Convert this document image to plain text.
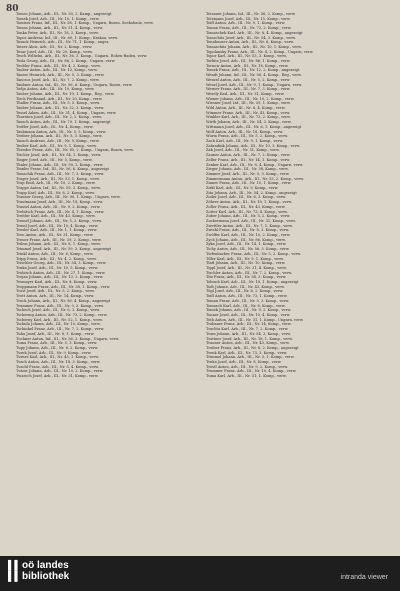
80
Tomec Johann, Arb., III., Nr. 50, 2. Kamp., angezeigt
Tomek Josef, Arb., III., Nr. 10, 1. Komp., verw.
Tomiser Franz, Inf., III., Nr. 56, 1. Komp., Ungarn, Bozen, Seekolonie, verw.
Tomsa Johann, Arb., III., Nr. 51, 4. Komp., verw.
Tonka Peter, Arb., III., Nr. 18, 2. Komp., verw.
Topor Andreas, Inf., III., Nr. 60, 1. Komp., Krakau, verw.
Tasuck Heinrich, Arb., III., Nr. 71, 1. Komp., angez.
Tatzer Alois, Arb., III., Nr. 2, Komp., verw.
Tesar Josef, Arb., III., Nr. 20, Komp., verw.
Tesch Wilhelm, Arb., III., Nr. 36, 3. Komp., Ungarn, Hohen-Baden, verw.
Tesla Georg, Arb., III., Nr. 86, 2. Komp., Ungarn, verw.
Teubler Franz, Arb., III., Nr. 4, 2. Komp., verw.
Tauber Anton, Arb., III., Nr. 10, Komp., verw.
Taurer Heinrich, Arb., III., Nr. 5, 3. Komp., verw.
Tanczos Josef, Arb., III., Nr. 7, 2. Komp., verw.
Taubner Anton, Inf., III., Nr. 56, 6. Komp., Ungarn, Bozen, verw.
Tedja Anton, Arb., III., Nr. 10, Komp., verw.
Tauber Johann, Arb., III., Nr. 19, 1. Komp., Reg., verw.
Tisch Ferdinand, Arb., III., Nr. 20, Komp., verw.
Thaller Franz, Arb., III., Nr. 5, 5. Komp., verw.
Tauber Johann, Arb., III., Nr. 32, 3. Komp., verw.
Tessel Adam, Arb., III., Nr. 31, 4. Komp., Ungarn, verw.
Thornton Josef, Arb., III., Nr. 2, 2. Komp., verw.
Tausch Anton, Arb., III., Nr. 70, 1. Komp., angezeigt
Treffer Josef, Arb., III., Nr. 4, Komp., verw.
Taubmann Anton, Arb., III., Nr. 5, 5. Komp., verw.
Treiber Johann, Arb., III., Nr. 5, 3. Komp., verw.
Tausch Andreas, Arb., III., Nr. 9, Komp., verw.
Teuber Karl, Arb., III., Nr. 9, 1. Komp., verw.
Theodor Franz, Arb., III., Nr. 85, 2. Komp., Ungarn, Bozen, verw.
Tischer Josef, Arb., III., Nr. 54, 1. Komp., verw.
Tinger Josef, Arb., III., Nr. 5, Komp., verw.
Thaler Johann, Arb., III., Nr. 50, 2. Komp., verw.
Tinnler Franz, Inf., III., Nr. 56, 6. Komp., angezeigt
Tomschik Franz, Arb., III., Nr. 7, 3. Komp., verw.
Trager Josef, Arb., III., Nr. 53, 1. Komp., verw.
Trap Emil, Arb., III., Nr. 10, 2. Komp., verw.
Trappe Anton, Inf., III., Nr. 59, 3. Komp., verw.
Trapp Karl, Arb., III., Nr. 8, 2. Komp., verw.
Trauner Georg, Arb., III., Nr. 90, 1. Komp., Ungarn, verw.
Trautmann Josef, Arb., III., Nr. 18, Komp., verw.
Trautzl Anton, Arb., III., Nr. 9, 2. Komp., verw.
Trebitsch Franz, Arb., III., Nr. 4, 1. Komp., verw.
Treitler Karl, Arb., III., Nr. 43, Komp., verw.
Tremel Johann, Arb., III., Nr. 5, 2. Komp., verw.
Treml Josef, Arb., III., Nr. 10, 4. Komp., verw.
Tresler Karl, Arb., III., Nr. 1, 1. Komp., verw.
Treu Anton, Arb., III., Nr. 31, Komp., verw.
Treuer Franz, Arb., III., Nr. 39, 2. Komp., verw.
Tribus Johann, Arb., III., Nr. 8, 1. Komp., verw.
Trimmel Josef, Arb., III., Nr. 59, 3. Komp., angezeigt
Trinkl Anton, Arb., III., Nr. 6, Komp., verw.
Tripp Franz, Arb., III., Nr. 4, 2. Komp., verw.
Trischler Georg, Arb., III., Nr. 54, 3. Komp., verw.
Trnka Josef, Arb., III., Nr. 10, 5. Komp., verw.
Trobisch Anton, Arb., III., Nr. 27, 1. Komp., verw.
Trojan Johann, Arb., III., Nr. 13, 2. Komp., verw.
Tromayer Karl, Arb., III., Nr. 8, Komp., verw.
Troppmann Franz, Arb., III., Nr. 38, 1. Komp., verw.
Trost Josef, Arb., III., Nr. 5, 2. Komp., verw.
Trott Anton, Arb., III., Nr. 14, Komp., verw.
Truck Johann, Arb., III., Nr. 56, 4. Komp., angezeigt
Trummer Franz, Arb., III., Nr. 9, 3. Komp., verw.
Tschech Josef, Arb., III., Nr. 6, 1. Komp., verw.
Tschernig Anton, Arb., III., Nr. 73, 2. Komp., verw.
Tscherny Karl, Arb., III., Nr. 52, 1. Komp., verw.
Tschida Johann, Arb., III., Nr. 10, Komp., verw.
Tschinkel Franz, Arb., III., Nr. 7, 2. Komp., verw.
Tuba Josef, Arb., III., Nr. 8, 1. Komp., verw.
Tuchner Anton, Inf., III., Nr. 56, 3. Komp., Ungarn, verw.
Tuma Franz, Arb., III., Nr. 5, 3. Komp., verw.
Tupy Johann, Arb., III., Nr. 8, 2. Komp., verw.
Turek Josef, Arb., III., Nr. 9, Komp., verw.
Turner Karl, Arb., III., Nr. 43, 1. Komp., verw.
Tusch Anton, Arb., III., Nr. 18, 3. Komp., verw.
Tuschl Franz, Arb., III., Nr. 5, 4. Komp., verw.
Tutzer Johann, Arb., III., Nr. 10, 2. Komp., verw.
Twaroch Josef, Arb., III., Nr. 31, Komp., verw.
Totzauer Johann, Inf., III., Nr. 56, 2. Komp., verw.
Totzmann Josef, Arb., III., Nr. 15, Komp., verw.
Toifl Anton, Arb., III., Nr. 9, 1. Komp., verw.
Toman Franz, Arb., III., Nr. 73, 2. Komp., verw.
Tomaschek Karl, Arb., III., Nr. 8, 4. Komp., angezeigt
Tomschitz Josef, Arb., III., Nr. 54, 3. Komp., verw.
Tonnhauser Anton, Arb., III., Nr. 6, Komp., verw.
Tomaschitz Johann, Arb., III., Nr. 10, 1. Komp., verw.
Topolansky Franz, Arb., III., Nr. 4, 2. Komp., Ungarn, verw.
Topor Karl, Arb., III., Nr. 53, 3. Komp., verw.
Torbitz Josef, Arb., III., Nr. 86, 1. Komp., verw.
Tornow Anton, Arb., III., Nr. 18, Komp., verw.
Tomek Franz, Arb., III., Nr. 12, 2. Komp., angezeigt
Wendt Johann, Inf., III., Nr. 56, 4. Komp., Reg., verw.
Wenzel Anton, Arb., III., Nr. 5, 2. Komp., verw.
Wenzl Josef, Arb., III., Nr. 9, 1. Komp., Ungarn, verw.
Werner Franz, Arb., III., Nr. 7, 3. Komp., verw.
Wesely Karl, Arb., III., Nr. 31, Komp., verw.
Wiener Johann, Arb., III., Nr. 10, 2. Komp., verw.
Wiesner Josef, Inf., III., Nr. 59, 1. Komp., verw.
Wild Anton, Arb., III., Nr. 8, 4. Komp., verw.
Wimmer Franz, Arb., III., Nr. 43, Komp., verw.
Winkler Karl, Arb., III., Nr. 73, 2. Komp., verw.
Wirth Johann, Arb., III., Nr. 54, 3. Komp., verw.
Wittmann Josef, Arb., III., Nr. 6, 1. Komp., angezeigt
Wolf Anton, Arb., III., Nr. 18, Komp., verw.
Wurm Franz, Arb., III., Nr. 5, 2. Komp., verw.
Zach Karl, Arb., III., Nr. 9, 1. Komp., verw.
Zahradnik Johann, Arb., III., Nr. 10, 3. Komp., verw.
Zak Josef, Arb., III., Nr. 31, Komp., verw.
Zauner Anton, Arb., III., Nr. 7, 2. Komp., verw.
Zeller Franz, Arb., III., Nr. 14, 1. Komp., verw.
Zenker Karl, Arb., III., Nr. 8, 4. Komp., Ungarn, verw.
Zieger Johann, Arb., III., Nr. 38, Komp., verw.
Zimmer Josef, Arb., III., Nr. 5, 3. Komp., verw.
Zimmermann Anton, Arb., III., Nr. 53, 2. Komp., verw.
Zinner Franz, Arb., III., Nr. 10, 1. Komp., verw.
Zirkl Karl, Arb., III., Nr. 9, Komp., verw.
Zita Johann, Arb., III., Nr. 54, 2. Komp., angezeigt
Zoder Josef, Arb., III., Nr. 6, 3. Komp., verw.
Zöhrer Anton, Arb., III., Nr. 18, 1. Komp., verw.
Zoller Franz, Arb., III., Nr. 43, Komp., verw.
Zotter Karl, Arb., III., Nr. 73, 4. Komp., verw.
Zuber Johann, Arb., III., Nr. 5, 2. Komp., verw.
Zuckermann Josef, Arb., III., Nr. 31, Komp., verw.
Zwettler Anton, Arb., III., Nr. 7, 1. Komp., verw.
Zwickl Franz, Arb., III., Nr. 8, 3. Komp., verw.
Zwölfer Karl, Arb., III., Nr. 10, 2. Komp., verw.
Zych Johann, Arb., III., Nr. 86, Komp., verw.
Zyka Josef, Arb., III., Nr. 14, 1. Komp., verw.
Tichy Anton, Arb., III., Nr. 56, 3. Komp., verw.
Tiefenbacher Franz, Arb., III., Nr. 5, 2. Komp., verw.
Tiller Karl, Arb., III., Nr. 9, 1. Komp., verw.
Tintl Johann, Arb., III., Nr. 10, Komp., verw.
Tippl Josef, Arb., III., Nr. 31, 4. Komp., verw.
Tischler Anton, Arb., III., Nr. 7, 2. Komp., verw.
Titz Franz, Arb., III., Nr. 54, 3. Komp., verw.
Tobisch Karl, Arb., III., Nr. 18, 1. Komp., angezeigt
Todt Johann, Arb., III., Nr. 43, Komp., verw.
Tögl Josef, Arb., III., Nr. 6, 2. Komp., verw.
Toifl Anton, Arb., III., Nr. 73, 1. Komp., verw.
Toman Franz, Arb., III., Nr. 5, 3. Komp., verw.
Tomasch Karl, Arb., III., Nr. 8, Komp., verw.
Tomek Johann, Arb., III., Nr. 9, 2. Komp., verw.
Tonner Josef, Arb., III., Nr. 10, 4. Komp., verw.
Toth Anton, Arb., III., Nr. 31, 1. Komp., Ungarn, verw.
Trabauer Franz, Arb., III., Nr. 14, Komp., verw.
Trachta Karl, Arb., III., Nr. 7, 2. Komp., verw.
Tram Johann, Arb., III., Nr. 54, 3. Komp., verw.
Trattner Josef, Arb., III., Nr. 18, 1. Komp., verw.
Trauner Anton, Arb., III., Nr. 43, Komp., verw.
Treiber Franz, Arb., III., Nr. 6, 2. Komp., angezeigt
Trenk Karl, Arb., III., Nr. 73, 3. Komp., verw.
Trimmel Johann, Arb., III., Nr. 5, 1. Komp., verw.
Trnka Josef, Arb., III., Nr. 8, Komp., verw.
Tröstl Anton, Arb., III., Nr. 9, 2. Komp., verw.
Trummer Franz, Arb., III., Nr. 10, 4. Komp., verw.
Tuma Karl, Arb., III., Nr. 31, 1. Komp., verw.
▌▌oö landes
▌▌bibliothek	intranda viewer
